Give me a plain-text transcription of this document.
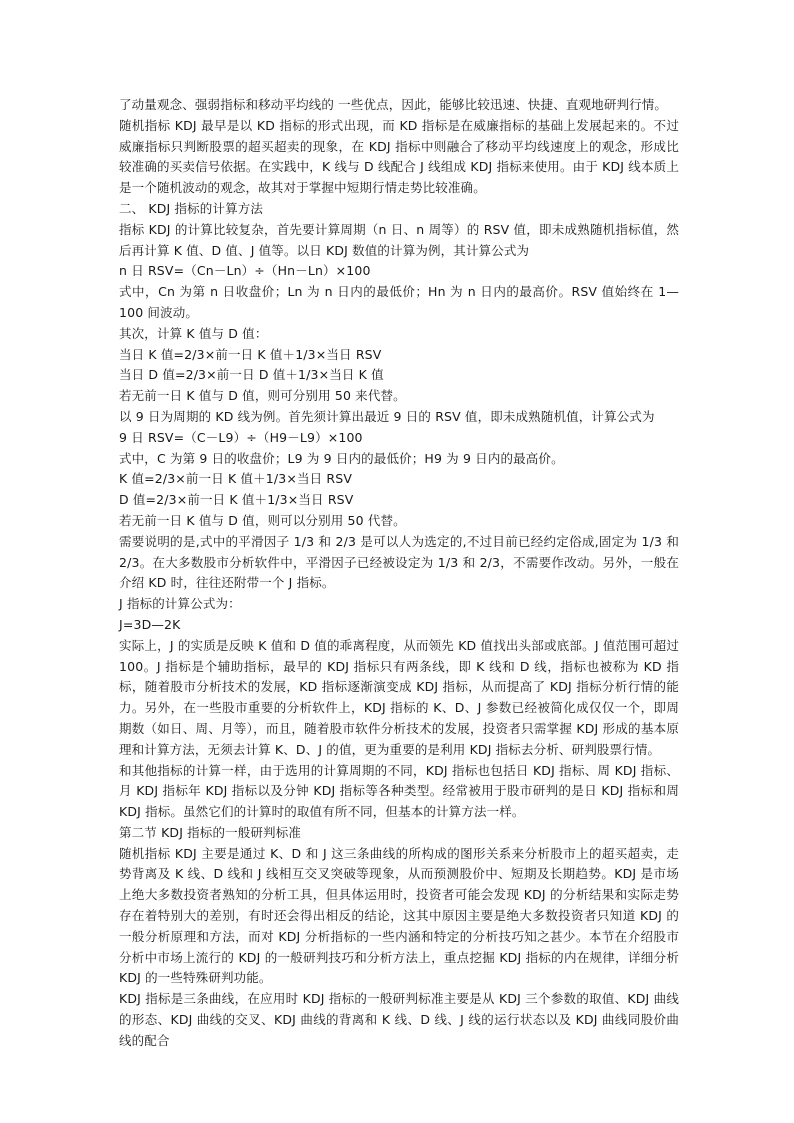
了动量观念、强弱指标和移动平均线的 一些优点，因此，能够比较迅速、快捷、直观地研判行情。

随机指标 KDJ 最早是以 KD 指标的形式出现，而 KD 指标是在威廉指标的基础上发展起来的。不过威廉指标只判断股票的超买超卖的现象，在 KDJ 指标中则融合了移动平均线速度上的观念，形成比较准确的买卖信号依据。在实践中，K 线与 D 线配合 J 线组成 KDJ 指标来使用。由于 KDJ 线本质上是一个随机波动的观念，故其对于掌握中短期行情走势比较准确。

二、 KDJ 指标的计算方法

指标 KDJ 的计算比较复杂，首先要计算周期（n 日、n 周等）的 RSV 值，即未成熟随机指标值，然后再计算 K 值、D 值、J 值等。以日 KDJ 数值的计算为例，其计算公式为

n 日 RSV=（Cn－Ln）÷（Hn－Ln）×100

式中，Cn 为第 n 日收盘价；Ln 为 n 日内的最低价；Hn 为 n 日内的最高价。RSV 值始终在 1—100 间波动。

其次，计算 K 值与 D 值：

当日 K 值=2/3×前一日 K 值＋1/3×当日 RSV

当日 D 值=2/3×前一日 D 值＋1/3×当日 K 值

若无前一日 K 值与 D 值，则可分别用 50 来代替。

以 9 日为周期的 KD 线为例。首先须计算出最近 9 日的 RSV 值，即未成熟随机值，计算公式为

9 日 RSV=（C－L9）÷（H9－L9）×100

式中，C 为第 9 日的收盘价；L9 为 9 日内的最低价；H9 为 9 日内的最高价。

K 值=2/3×前一日 K 值＋1/3×当日 RSV

D 值=2/3×前一日 K 值＋1/3×当日 RSV

若无前一日 K 值与 D 值，则可以分别用 50 代替。

需要说明的是,式中的平滑因子 1/3 和 2/3 是可以人为选定的,不过目前已经约定俗成,固定为 1/3 和 2/3。在大多数股市分析软件中，平滑因子已经被设定为 1/3 和 2/3，不需要作改动。另外，一般在介绍 KD 时，往往还附带一个 J 指标。

J 指标的计算公式为：

J=3D—2K

实际上，J 的实质是反映 K 值和 D 值的乖离程度，从而领先 KD 值找出头部或底部。J 值范围可超过 100。J 指标是个辅助指标，最早的 KDJ 指标只有两条线，即 K 线和 D 线，指标也被称为 KD 指标，随着股市分析技术的发展，KD 指标逐渐演变成 KDJ 指标，从而提高了 KDJ 指标分析行情的能力。另外，在一些股市重要的分析软件上，KDJ 指标的 K、D、J 参数已经被简化成仅仅一个，即周期数（如日、周、月等），而且，随着股市软件分析技术的发展，投资者只需掌握 KDJ 形成的基本原理和计算方法，无须去计算 K、D、J 的值，更为重要的是利用 KDJ 指标去分析、研判股票行情。

和其他指标的计算一样，由于选用的计算周期的不同，KDJ 指标也包括日 KDJ 指标、周 KDJ 指标、月 KDJ 指标年 KDJ 指标以及分钟 KDJ 指标等各种类型。经常被用于股市研判的是日 KDJ 指标和周 KDJ 指标。虽然它们的计算时的取值有所不同，但基本的计算方法一样。

第二节 KDJ 指标的一般研判标准

随机指标 KDJ 主要是通过 K、D 和 J 这三条曲线的所构成的图形关系来分析股市上的超买超卖，走势背离及 K 线、D 线和 J 线相互交叉突破等现象，从而预测股价中、短期及长期趋势。KDJ 是市场上绝大多数投资者熟知的分析工具，但具体运用时，投资者可能会发现 KDJ 的分析结果和实际走势存在着特别大的差别，有时还会得出相反的结论，这其中原因主要是绝大多数投资者只知道 KDJ 的一般分析原理和方法，而对 KDJ 分析指标的一些内涵和特定的分析技巧知之甚少。本节在介绍股市分析中市场上流行的 KDJ 的一般研判技巧和分析方法上，重点挖掘 KDJ 指标的内在规律，详细分析 KDJ 的一些特殊研判功能。

KDJ 指标是三条曲线，在应用时 KDJ 指标的一般研判标准主要是从 KDJ 三个参数的取值、KDJ 曲线的形态、KDJ 曲线的交叉、KDJ 曲线的背离和 K 线、D 线、J 线的运行状态以及 KDJ 曲线同股价曲线的配合
